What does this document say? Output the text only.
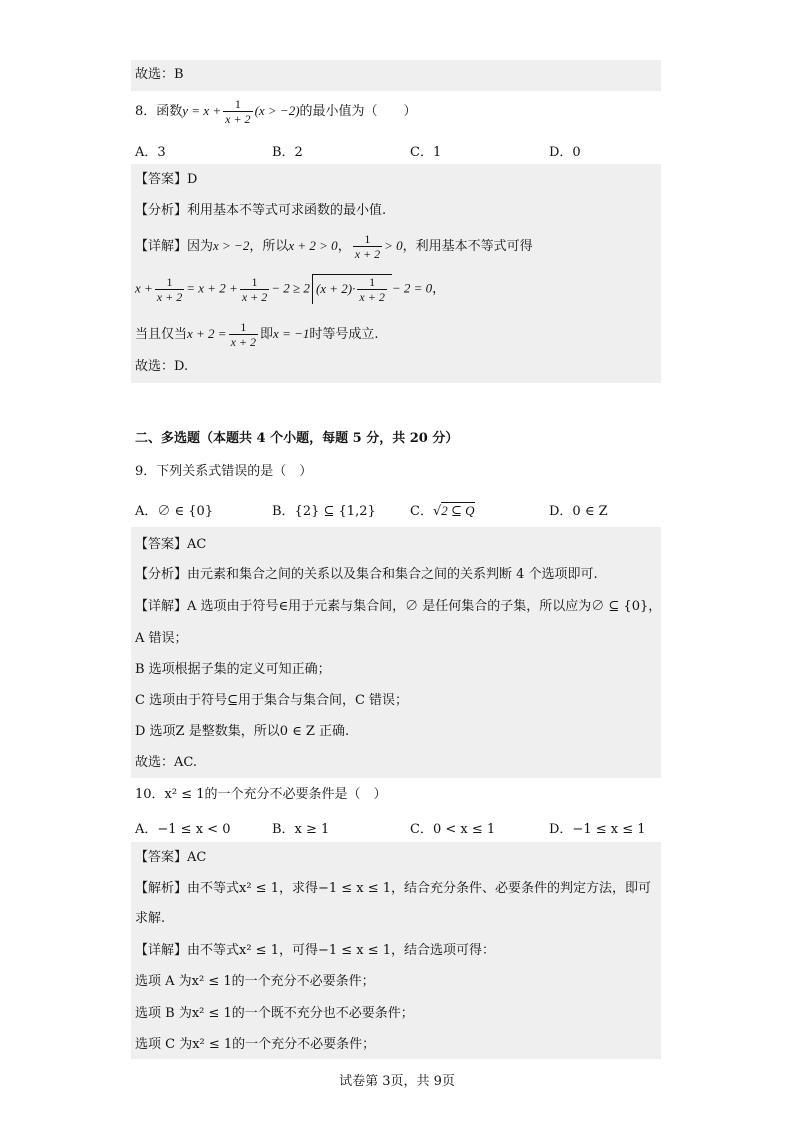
故选：B
8．函数$y = x + \frac{1}{x + 2} (x > -2)$的最小值为（　　）
A．3	B．2	C．1	D．0
【答案】D
【分析】利用基本不等式可求函数的最小值.
【详解】因为x > −2，所以x + 2 > 0， $\frac{1}{x + 2} > 0$，利用基本不等式可得
$x + \frac{1}{x + 2} = x + 2 + \frac{1}{x + 2} - 2 \ge 2$ $(x + 2)\cdot \frac{1}{x + 2} - 2 = 0$，
当且仅当$x + 2 = \frac{1}{x + 2}$ 即x = −1时等号成立.
故选：D.
二、多选题（本题共 4 个小题，每题 5 分，共 20 分）
9．下列关系式错误的是（　）
A．∅ ∈ {0}	B．{2} ⊆ {1,2}	C．√2 ⊆ Q	D．0 ∈ Z
【答案】AC
【分析】由元素和集合之间的关系以及集合和集合之间的关系判断 4 个选项即可.
【详解】A 选项由于符号∈用于元素与集合间，∅ 是任何集合的子集，所以应为∅ ⊆ {0}，
A 错误；
B 选项根据子集的定义可知正确；
C 选项由于符号⊆用于集合与集合间，C 错误；
D 选项Z 是整数集，所以0 ∈ Z 正确.
故选：AC.
10．x² ≤ 1的一个充分不必要条件是（　）
A．−1 ≤ x < 0	B．x ≥ 1	C．0 < x ≤ 1	D．−1 ≤ x ≤ 1
【答案】AC
【解析】由不等式x² ≤ 1，求得−1 ≤ x ≤ 1，结合充分条件、必要条件的判定方法，即可
求解.
【详解】由不等式x² ≤ 1，可得−1 ≤ x ≤ 1，结合选项可得：
选项 A 为x² ≤ 1的一个充分不必要条件；
选项 B 为x² ≤ 1的一个既不充分也不必要条件；
选项 C 为x² ≤ 1的一个充分不必要条件；
试卷第 3页，共 9页
